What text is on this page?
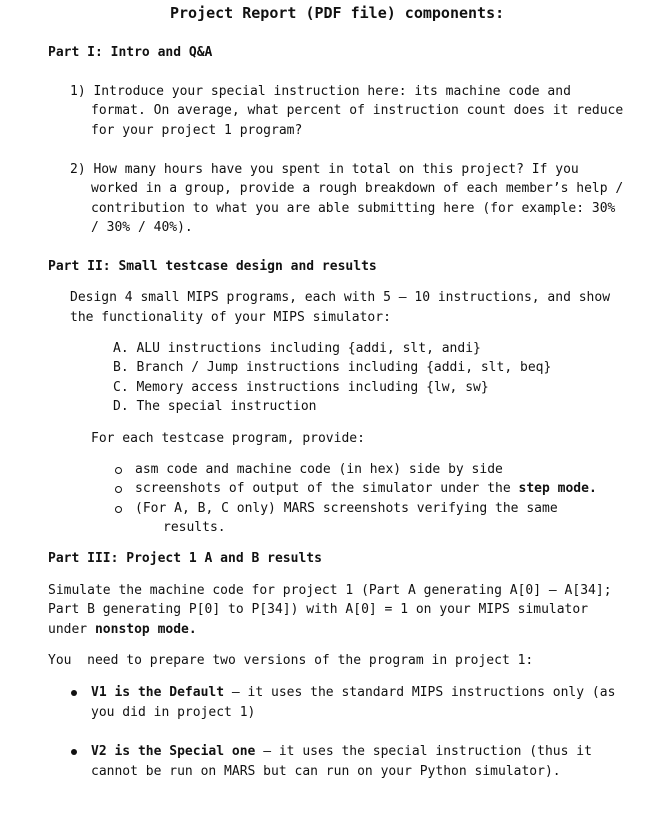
Project Report (PDF file) components:
Part I: Intro and Q&A
1) Introduce your special instruction here: its machine code and
format. On average, what percent of instruction count does it reduce
for your project 1 program?
2) How many hours have you spent in total on this project? If you
worked in a group, provide a rough breakdown of each member’s help /
contribution to what you are able submitting here (for example: 30%
/ 30% / 40%).
Part II: Small testcase design and results
Design 4 small MIPS programs, each with 5 – 10 instructions, and show
the functionality of your MIPS simulator:
A. ALU instructions including {addi, slt, andi}
B. Branch / Jump instructions including {addi, slt, beq}
C. Memory access instructions including {lw, sw}
D. The special instruction
For each testcase program, provide:
asm code and machine code (in hex) side by side
screenshots of output of the simulator under the step mode.
(For A, B, C only) MARS screenshots verifying the same
results.
Part III: Project 1 A and B results
Simulate the machine code for project 1 (Part A generating A[0] – A[34];
Part B generating P[0] to P[34]) with A[0] = 1 on your MIPS simulator
under nonstop mode.
You  need to prepare two versions of the program in project 1:
V1 is the Default – it uses the standard MIPS instructions only (as
you did in project 1)
V2 is the Special one – it uses the special instruction (thus it
cannot be run on MARS but can run on your Python simulator).
